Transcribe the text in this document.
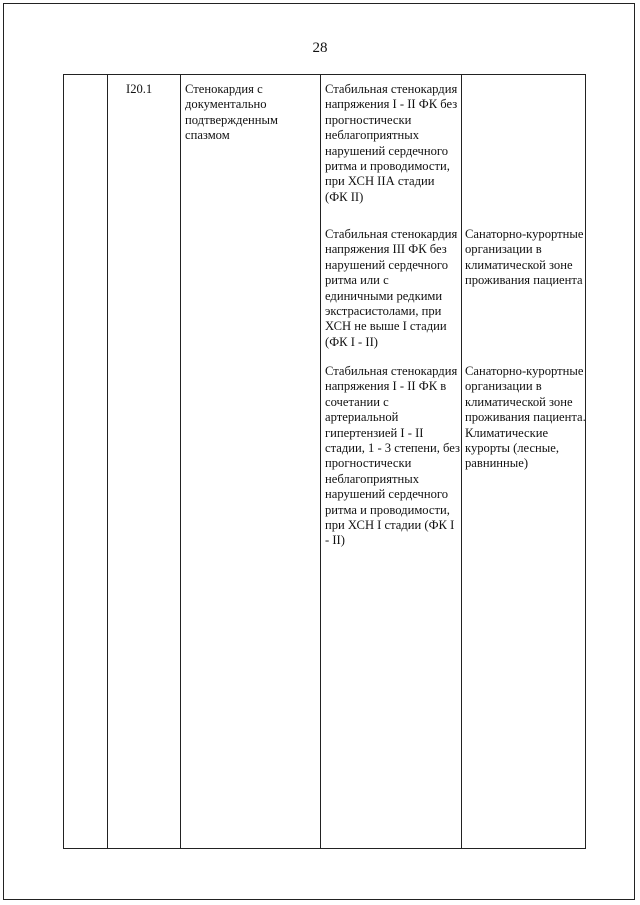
28
I20.1	Стенокардия с документально подтвержденным спазмом
Стабильная стенокардия напряжения I - II ФК без прогностически неблагоприятных нарушений сердечного ритма и проводимости, при ХСН IIА стадии (ФК II)
Стабильная стенокардия напряжения III ФК без нарушений сердечного ритма или с единичными редкими экстрасистолами, при ХСН не выше I стадии (ФК I - II)
Санаторно-курортные организации в климатической зоне проживания пациента
Стабильная стенокардия напряжения I - II ФК в сочетании с артериальной гипертензией I - II стадии, 1 - 3 степени, без прогностически неблагоприятных нарушений сердечного ритма и проводимости, при ХСН I стадии (ФК I - II)
Санаторно-курортные организации в климатической зоне проживания пациента. Климатические курорты (лесные, равнинные)
